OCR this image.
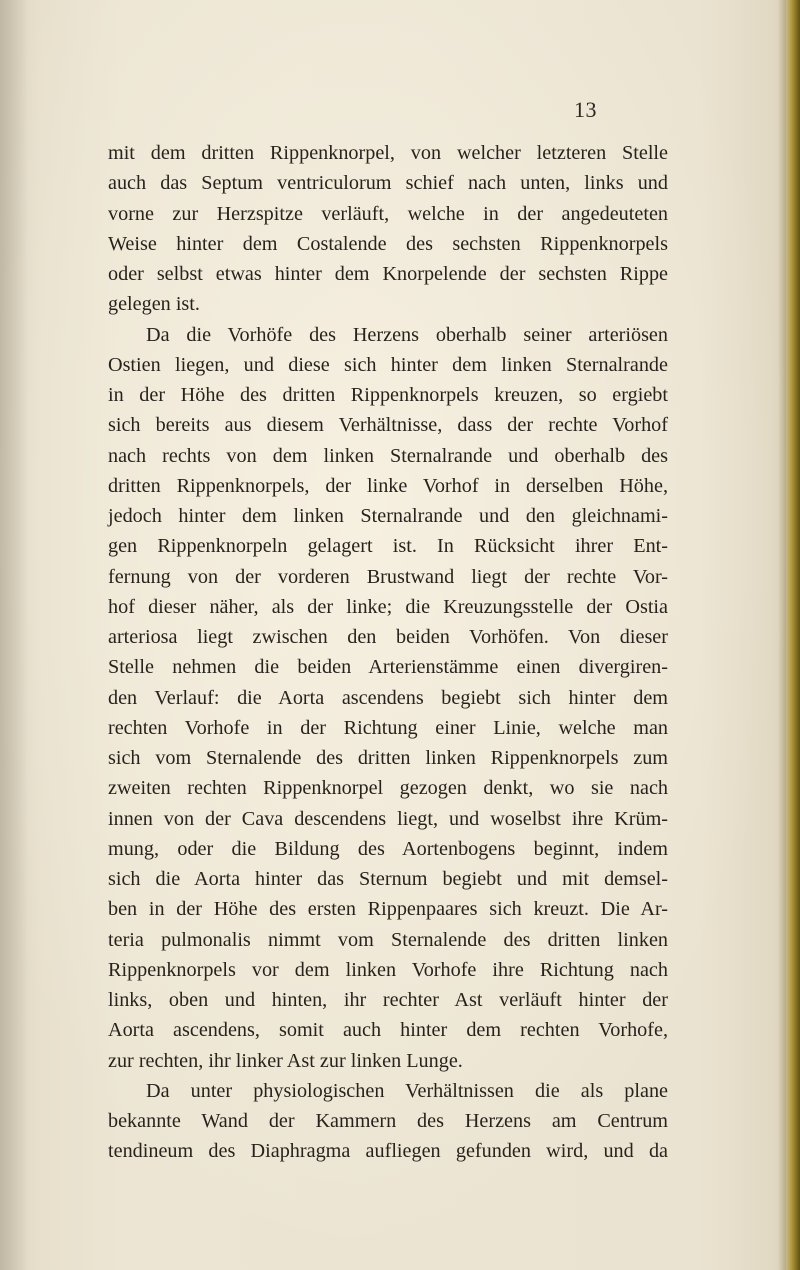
13
mit dem dritten Rippenknorpel, von welcher letzteren Stelle
auch das Septum ventriculorum schief nach unten, links und
vorne zur Herzspitze verläuft, welche in der angedeuteten
Weise hinter dem Costalende des sechsten Rippenknorpels
oder selbst etwas hinter dem Knorpelende der sechsten Rippe
gelegen ist.
Da die Vorhöfe des Herzens oberhalb seiner arteriösen
Ostien liegen, und diese sich hinter dem linken Sternalrande
in der Höhe des dritten Rippenknorpels kreuzen, so ergiebt
sich bereits aus diesem Verhältnisse, dass der rechte Vorhof
nach rechts von dem linken Sternalrande und oberhalb des
dritten Rippenknorpels, der linke Vorhof in derselben Höhe,
jedoch hinter dem linken Sternalrande und den gleichnami-
gen Rippenknorpeln gelagert ist. In Rücksicht ihrer Ent-
fernung von der vorderen Brustwand liegt der rechte Vor-
hof dieser näher, als der linke; die Kreuzungsstelle der Ostia
arteriosa liegt zwischen den beiden Vorhöfen. Von dieser
Stelle nehmen die beiden Arterienstämme einen divergiren-
den Verlauf: die Aorta ascendens begiebt sich hinter dem
rechten Vorhofe in der Richtung einer Linie, welche man
sich vom Sternalende des dritten linken Rippenknorpels zum
zweiten rechten Rippenknorpel gezogen denkt, wo sie nach
innen von der Cava descendens liegt, und woselbst ihre Krüm-
mung, oder die Bildung des Aortenbogens beginnt, indem
sich die Aorta hinter das Sternum begiebt und mit demsel-
ben in der Höhe des ersten Rippenpaares sich kreuzt. Die Ar-
teria pulmonalis nimmt vom Sternalende des dritten linken
Rippenknorpels vor dem linken Vorhofe ihre Richtung nach
links, oben und hinten, ihr rechter Ast verläuft hinter der
Aorta ascendens, somit auch hinter dem rechten Vorhofe,
zur rechten, ihr linker Ast zur linken Lunge.
Da unter physiologischen Verhältnissen die als plane
bekannte Wand der Kammern des Herzens am Centrum
tendineum des Diaphragma aufliegen gefunden wird, und da
